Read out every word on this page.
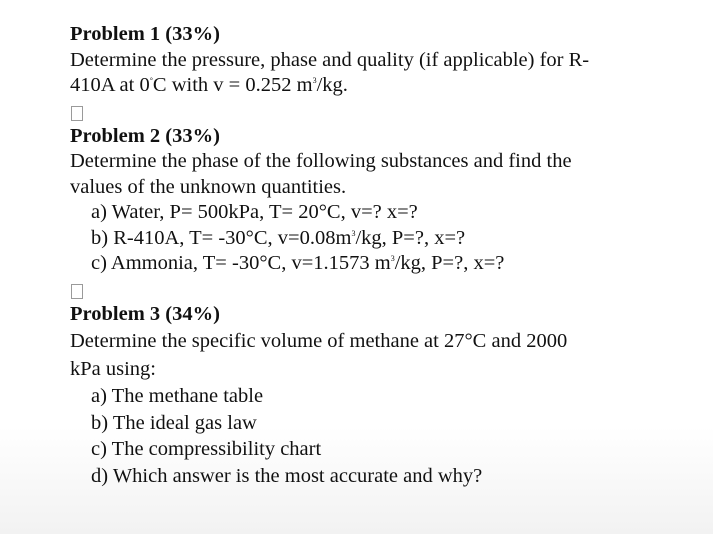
Problem 1 (33%)
Determine the pressure, phase and quality (if applicable) for R-
410A at 0°C with v = 0.252 $m^3/kg$.
Problem 2 (33%)
Determine the phase of the following substances and find the
values of the unknown quantities.
a) Water, P= 500kPa, T= 20°C, v=? x=?
b) R-410A, T= -30°C, $v=0.08m^3/kg$, P=?, x=?
c) Ammonia, T= -30°C, v=1.1573 $m^3/kg$, P=?, x=?
Problem 3 (34%)
Determine the specific volume of methane at 27°C and 2000
kPa using:
a) The methane table
b) The ideal gas law
c) The compressibility chart
d) Which answer is the most accurate and why?
